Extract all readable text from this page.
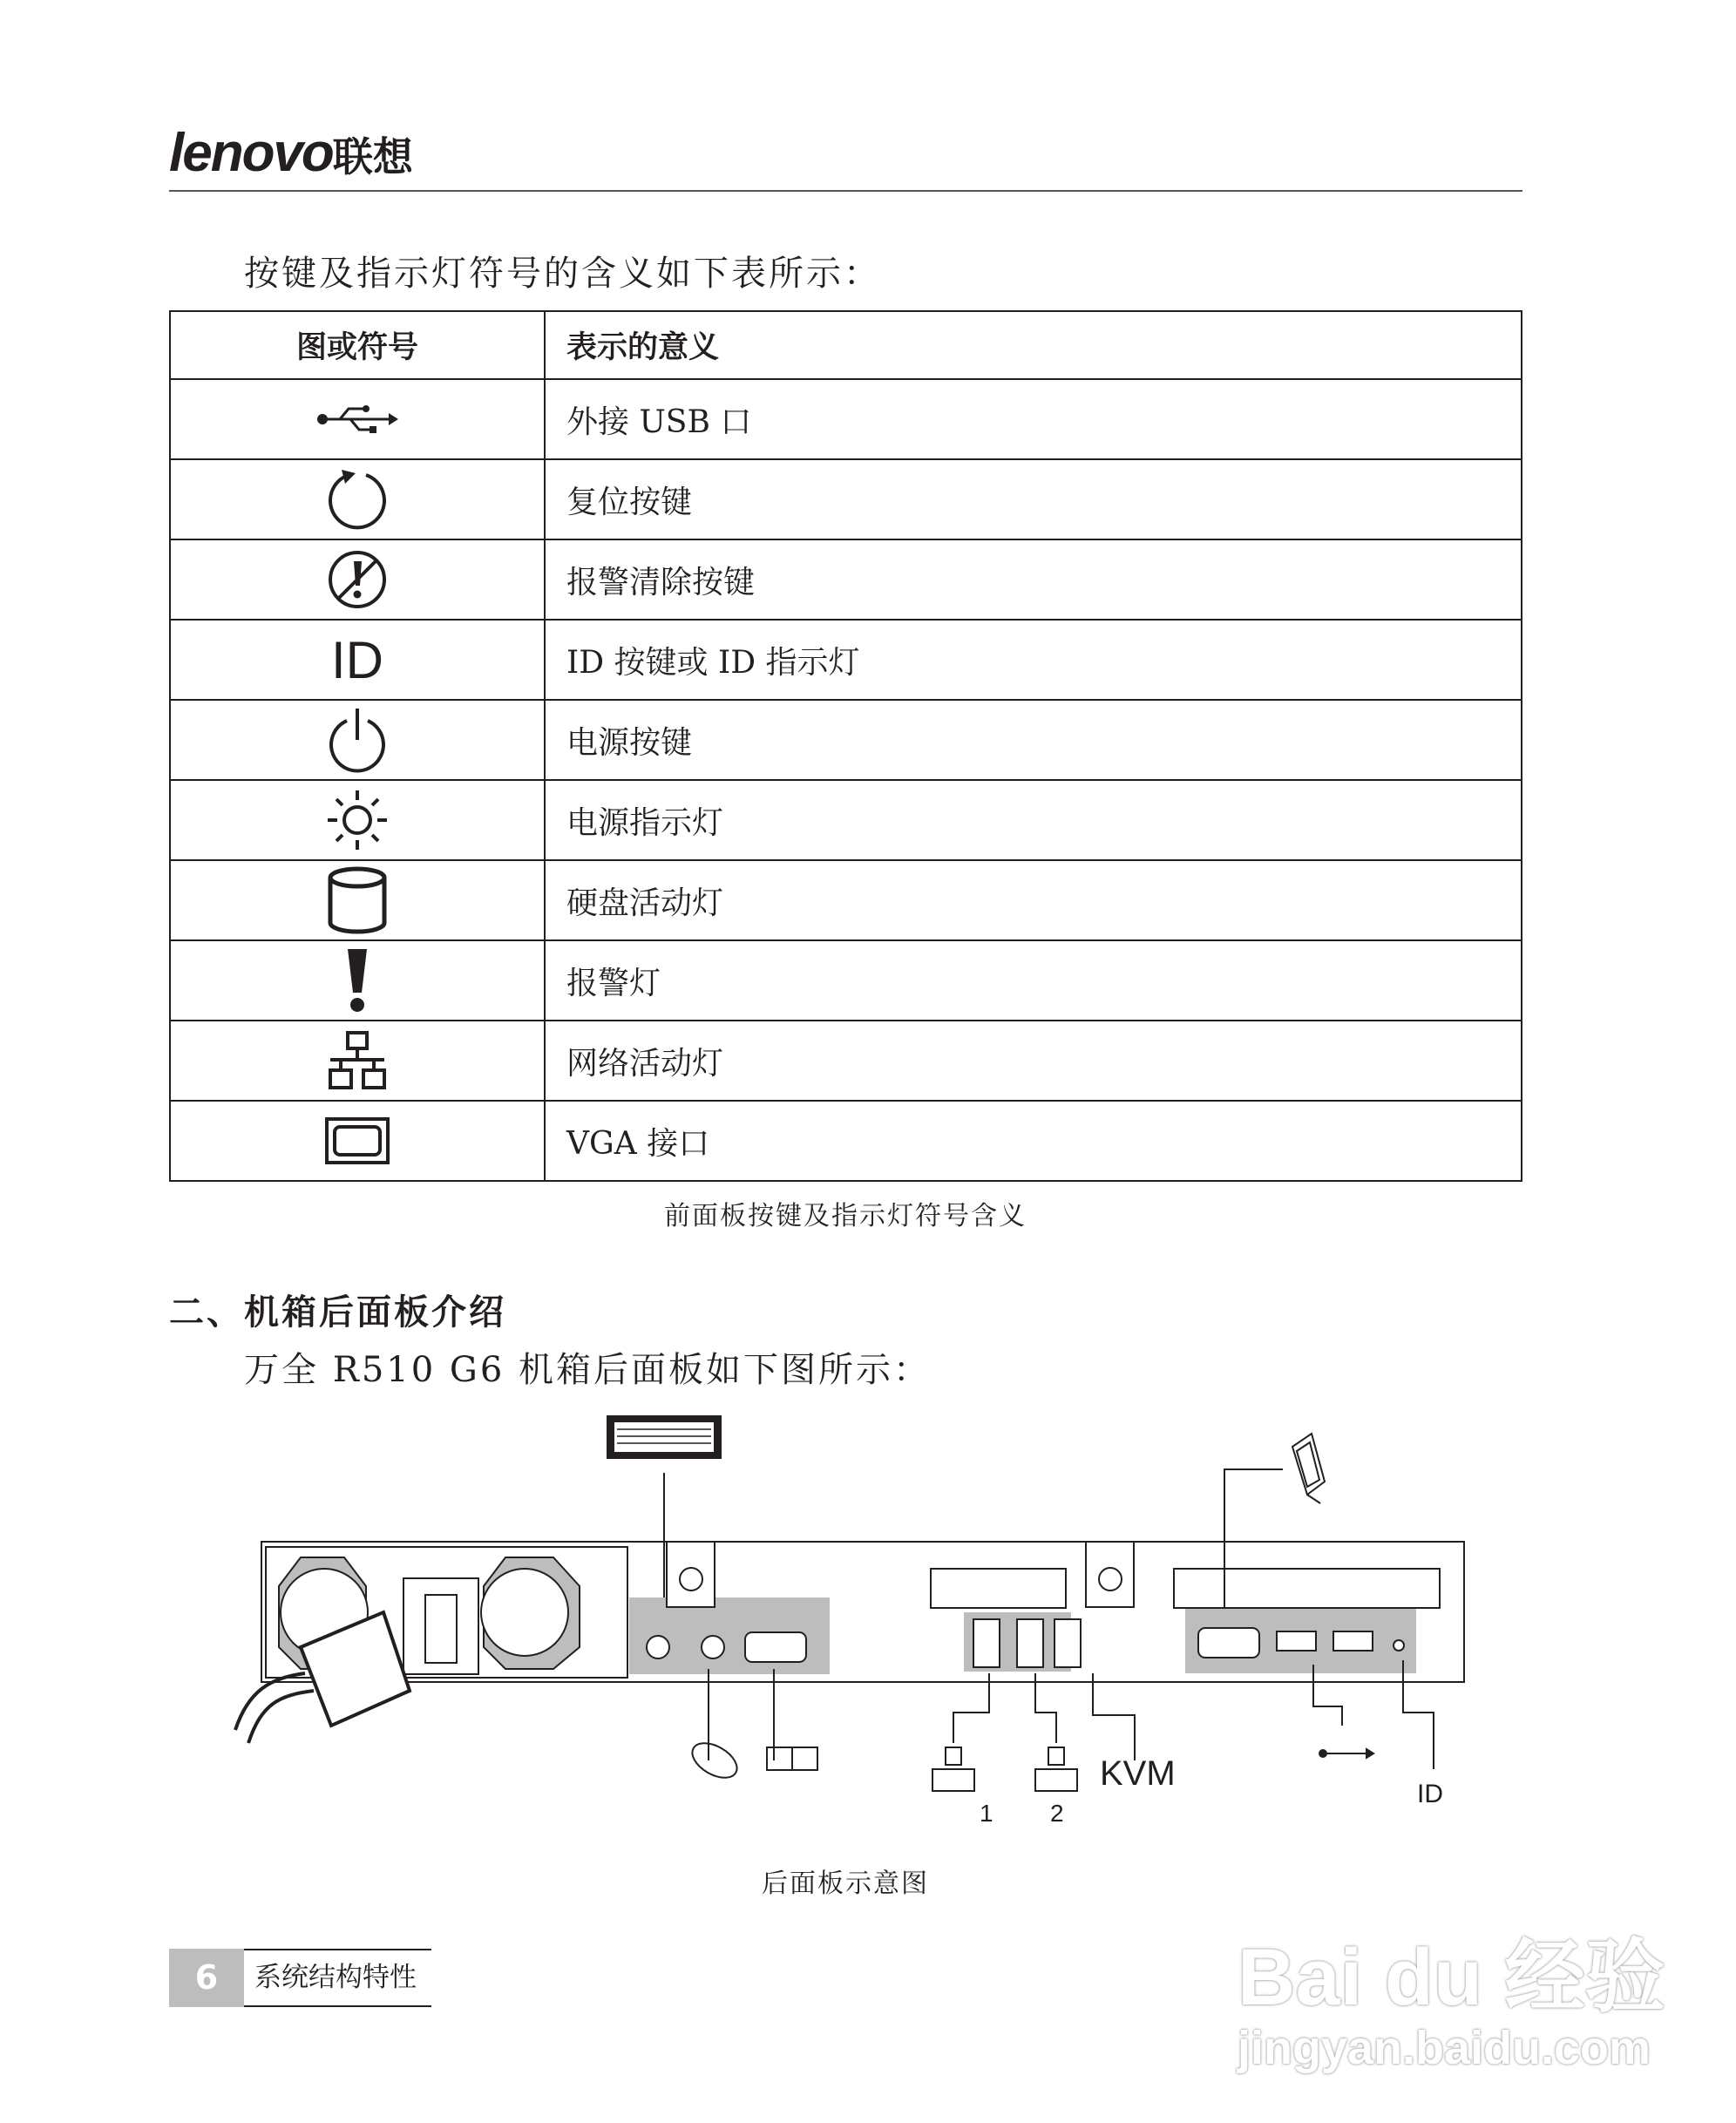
lenovo联想
按键及指示灯符号的含义如下表所示：
图或符号	表示的意义

	外接 USB 口

	复位按键

	报警清除按键
ID	ID 按键或 ID 指示灯

	电源按键

	电源指示灯

	硬盘活动灯

	报警灯

	网络活动灯

	VGA 接口
前面板按键及指示灯符号含义
二、机箱后面板介绍
万全 R510 G6 机箱后面板如下图所示：
1 2
KVM
ID
后面板示意图
6	系统结构特性	Bai du 经验
jingyan.baidu.com
